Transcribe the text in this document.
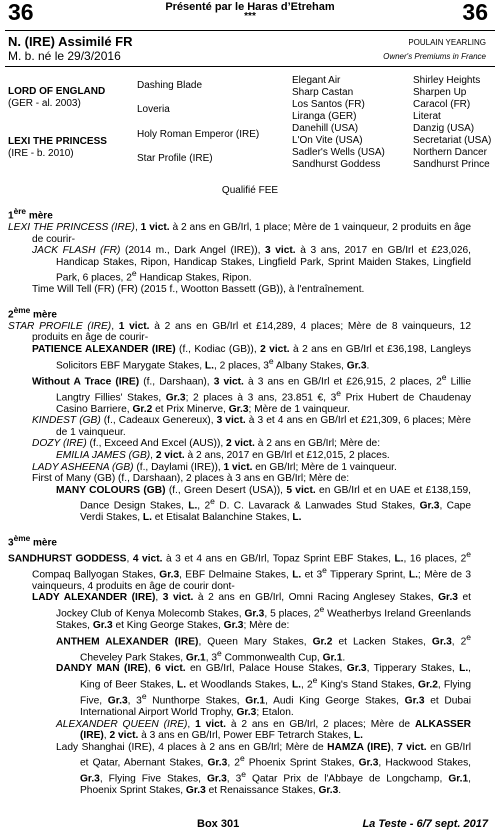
36	Présenté par le Haras d’Etreham
***	36
N. (IRE) Assimilé FR
M. b. né le 29/3/2016
POULAIN YEARLING
Owner's Premiums in France
LORD OF ENGLAND
(GER - al. 2003)
LEXI THE PRINCESS
(IRE - b. 2010)
Dashing Blade
Loveria
Holy Roman Emperor (IRE)
Star Profile (IRE)
Elegant Air
Sharp Castan
Los Santos (FR)
Liranga (GER)
Danehill (USA)
L'On Vite (USA)
Sadler's Wells (USA)
Sandhurst Goddess
Shirley Heights
Sharpen Up
Caracol (FR)
Literat
Danzig (USA)
Secretariat (USA)
Northern Dancer
Sandhurst Prince
Qualifié FEE
1ère mère

LEXI THE PRINCESS (IRE), 1 vict. à 2 ans en GB/Irl, 1 place; Mère de 1 vainqueur, 2 produits en âge de courir-

JACK FLASH (FR) (2014 m., Dark Angel (IRE)), 3 vict. à 3 ans, 2017 en GB/Irl et £23,026, Handicap Stakes, Ripon, Handicap Stakes, Lingfield Park, Sprint Maiden Stakes, Lingfield Park, 6 places, 2e Handicap Stakes, Ripon.

Time Will Tell (FR) (FR) (2015 f., Wootton Bassett (GB)), à l'entraînement.

2ème mère

STAR PROFILE (IRE), 1 vict. à 2 ans en GB/Irl et £14,289, 4 places; Mère de 8 vainqueurs, 12 produits en âge de courir-

PATIENCE ALEXANDER (IRE) (f., Kodiac (GB)), 2 vict. à 2 ans en GB/Irl et £36,198, Langleys Solicitors EBF Marygate Stakes, L., 2 places, 3e Albany Stakes, Gr.3.

Without A Trace (IRE) (f., Darshaan), 3 vict. à 3 ans en GB/Irl et £26,915, 2 places, 2e Lillie Langtry Fillies' Stakes, Gr.3; 2 places à 3 ans, 23.851 €, 3e Prix Hubert de Chaudenay Casino Barriere, Gr.2 et Prix Minerve, Gr.3; Mère de 1 vainqueur.

KINDEST (GB) (f., Cadeaux Genereux), 3 vict. à 3 et 4 ans en GB/Irl et £21,309, 6 places; Mère de 1 vainqueur.

DOZY (IRE) (f., Exceed And Excel (AUS)), 2 vict. à 2 ans en GB/Irl; Mère de:

EMILIA JAMES (GB), 2 vict. à 2 ans, 2017 en GB/Irl et £12,015, 2 places.

LADY ASHEENA (GB) (f., Daylami (IRE)), 1 vict. en GB/Irl; Mère de 1 vainqueur.

First of Many (GB) (f., Darshaan), 2 places à 3 ans en GB/Irl; Mère de:

MANY COLOURS (GB) (f., Green Desert (USA)), 5 vict. en GB/Irl et en UAE et £138,159, Dance Design Stakes, L., 2e D. C. Lavarack & Lanwades Stud Stakes, Gr.3, Cape Verdi Stakes, L. et Etisalat Balanchine Stakes, L.

3ème mère

SANDHURST GODDESS, 4 vict. à 3 et 4 ans en GB/Irl, Topaz Sprint EBF Stakes, L., 16 places, 2e Compaq Ballyogan Stakes, Gr.3, EBF Delmaine Stakes, L. et 3e Tipperary Sprint, L.; Mère de 3 vainqueurs, 4 produits en âge de courir dont-

LADY ALEXANDER (IRE), 3 vict. à 2 ans en GB/Irl, Omni Racing Anglesey Stakes, Gr.3 et Jockey Club of Kenya Molecomb Stakes, Gr.3, 5 places, 2e Weatherbys Ireland Greenlands Stakes, Gr.3 et King George Stakes, Gr.3; Mère de:

ANTHEM ALEXANDER (IRE), Queen Mary Stakes, Gr.2 et Lacken Stakes, Gr.3, 2e Cheveley Park Stakes, Gr.1, 3e Commonwealth Cup, Gr.1.

DANDY MAN (IRE), 6 vict. en GB/Irl, Palace House Stakes, Gr.3, Tipperary Stakes, L., King of Beer Stakes, L. et Woodlands Stakes, L., 2e King's Stand Stakes, Gr.2, Flying Five, Gr.3, 3e Nunthorpe Stakes, Gr.1, Audi King George Stakes, Gr.3 et Dubai International Airport World Trophy, Gr.3; Etalon.

ALEXANDER QUEEN (IRE), 1 vict. à 2 ans en GB/Irl, 2 places; Mère de ALKASSER (IRE), 2 vict. à 3 ans en GB/Irl, Power EBF Tetrarch Stakes, L.

Lady Shanghai (IRE), 4 places à 2 ans en GB/Irl; Mère de HAMZA (IRE), 7 vict. en GB/Irl et Qatar, Abernant Stakes, Gr.3, 2e Phoenix Sprint Stakes, Gr.3, Hackwood Stakes, Gr.3, Flying Five Stakes, Gr.3, 3e Qatar Prix de l'Abbaye de Longchamp, Gr.1, Phoenix Sprint Stakes, Gr.3 et Renaissance Stakes, Gr.3.

Box 301	La Teste - 6/7 sept. 2017
